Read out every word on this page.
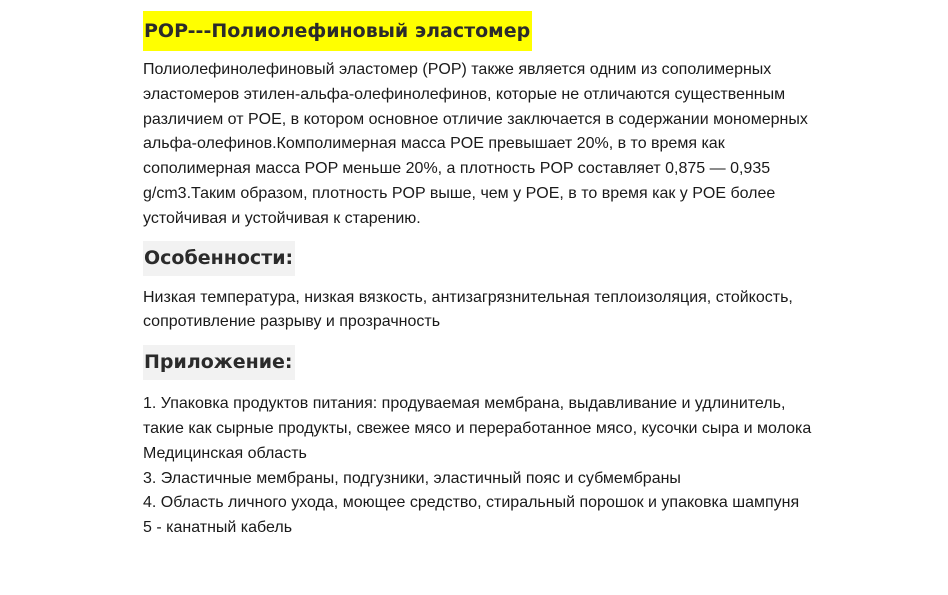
POP---Полиолефиновый эластомер

Полиолефинолефиновый эластомер (POP) также является одним из сополимерных эластомеров этилен-альфа-олефинолефинов, которые не отличаются существенным различием от POE, в котором основное отличие заключается в содержании мономерных альфа-олефинов.Комполимерная масса POE превышает 20%, в то время как сополимерная масса POP меньше 20%, а плотность POP составляет 0,875 — 0,935 g/cm3.Таким образом, плотность POP выше, чем у POE, в то время как у POE более устойчивая и устойчивая к старению.

Особенности:

Низкая температура, низкая вязкость, антизагрязнительная теплоизоляция, стойкость, сопротивление разрыву и прозрачность

Приложение:
1. Упаковка продуктов питания: продуваемая мембрана, выдавливание и удлинитель, такие как сырные продукты, свежее мясо и переработанное мясо, кусочки сыра и молока
Медицинская область
3. Эластичные мембраны, подгузники, эластичный пояс и субмембраны
4. Область личного ухода, моющее средство, стиральный порошок и упаковка шампуня
5 - канатный кабель
